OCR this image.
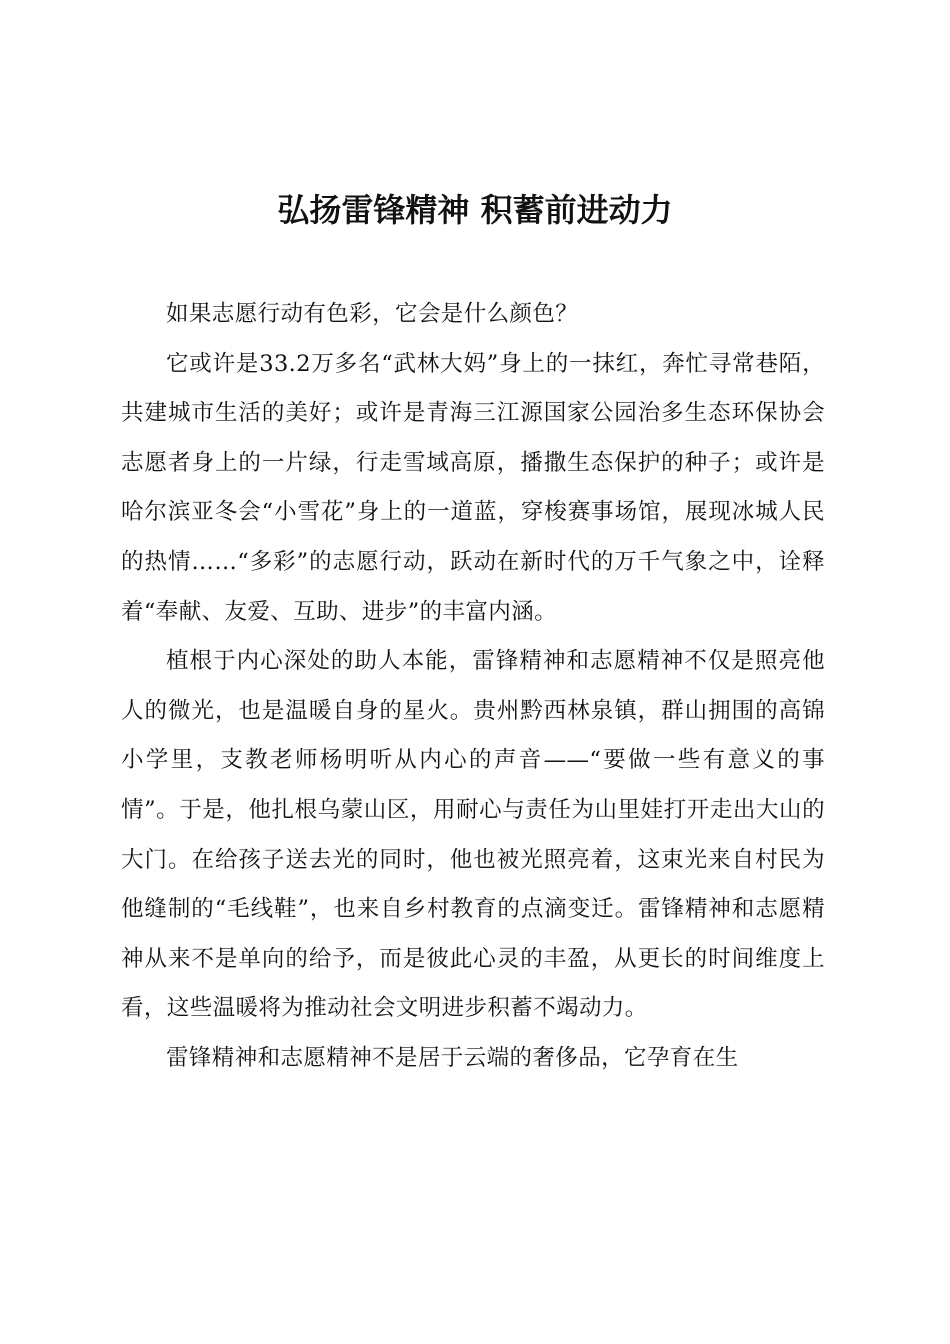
弘扬雷锋精神 积蓄前进动力

如果志愿行动有色彩，它会是什么颜色？

它或许是33.2万多名“武林大妈”身上的一抹红，奔忙寻常巷陌，共建城市生活的美好；或许是青海三江源国家公园治多生态环保协会志愿者身上的一片绿，行走雪域高原，播撒生态保护的种子；或许是哈尔滨亚冬会“小雪花”身上的一道蓝，穿梭赛事场馆，展现冰城人民的热情……“多彩”的志愿行动，跃动在新时代的万千气象之中，诠释着“奉献、友爱、互助、进步”的丰富内涵。

植根于内心深处的助人本能，雷锋精神和志愿精神不仅是照亮他人的微光，也是温暖自身的星火。贵州黔西林泉镇，群山拥围的高锦小学里，支教老师杨明听从内心的声音——“要做一些有意义的事情”。于是，他扎根乌蒙山区，用耐心与责任为山里娃打开走出大山的大门。在给孩子送去光的同时，他也被光照亮着，这束光来自村民为他缝制的“毛线鞋”，也来自乡村教育的点滴变迁。雷锋精神和志愿精神从来不是单向的给予，而是彼此心灵的丰盈，从更长的时间维度上看，这些温暖将为推动社会文明进步积蓄不竭动力。

雷锋精神和志愿精神不是居于云端的奢侈品，它孕育在生
